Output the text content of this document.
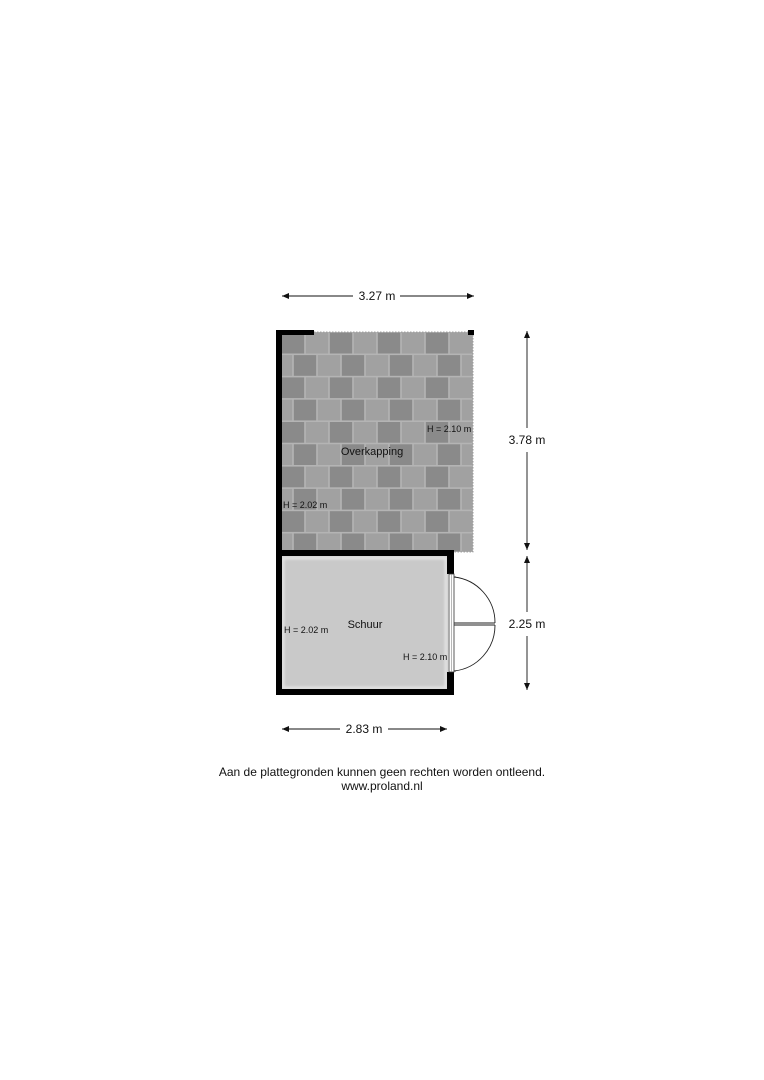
3.27 m
3.78 m
2.25 m
2.83 m
Overkapping
H = 2.10 m
H = 2.02 m
Schuur
H = 2.02 m
H = 2.10 m
Aan de plattegronden kunnen geen rechten worden ontleend.
www.proland.nl
